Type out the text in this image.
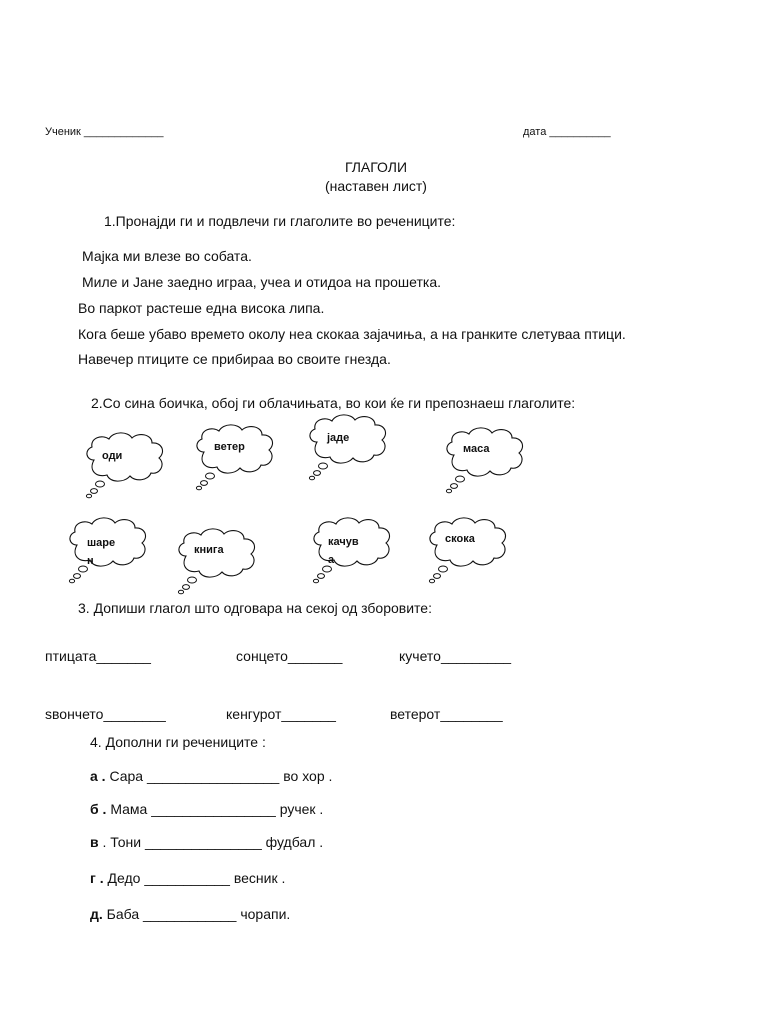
Ученик _____________	дата __________
ГЛАГОЛИ
(наставен лист)
1.Пронајди ги и подвлечи ги глаголите во речениците:
Мајка ми влезе во собата.
Миле и Јане заедно играа, учеа и отидоа на прошетка.
Во паркот растеше една висока липа.
Кога беше убаво времето околу неа скокаа зајачиња, а на гранките слетуваа птици.
Навечер птиците се прибираа во своите гнезда.
2.Со сина боичка, обој ги облачињата, во кои ќе ги препознаеш глаголите:
оди
ветер
јаде
маса
шаре
н
книга
качув
а
скока
3. Допиши глагол што одговара на секој од зборовите:
птицата_______	сонцето_______	кучето_________
ѕвончето________	кенгурот_______	ветерот________
4. Дополни ги речениците :
а . Сара _________________ во хор .
б . Мама ________________ ручек .
в . Тони _______________ фудбал .
г . Дедо ___________ весник .
д. Баба ____________ чорапи.
